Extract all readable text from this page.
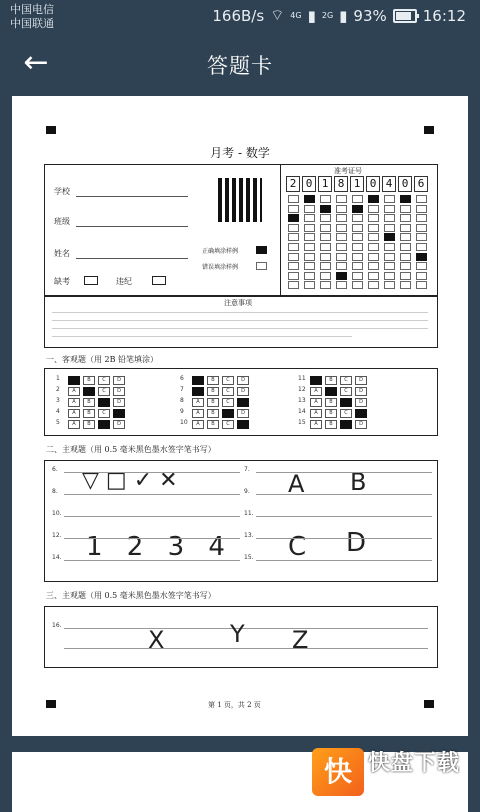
中国电信
中国联通	166B/s ⌔ 4G ▮ 2G ▮ 93% 16:12
←	答题卡
月考 - 数学
学校
班级
姓名
缺考	违纪
正确填涂样例
错误填涂样例
准考证号
注意事项
一、客观题（用 2B 铅笔填涂）
二、主观题（用 0.5 毫米黑色墨水签字笔书写）
▽ □ ✓ ✕	A B
1 2 3 4 C D
三、主观题（用 0.5 毫米黑色墨水签字笔书写）
16.
X	Y Z
第 1 页，共 2 页
2 0 1 8 1 0 4 0 6
1	B	C	D
2	A	C	D
3	A	B	D
4	A	B	C
5	A	B	D
6	B	C	D
7	B	C	D
8	A	B	C
9	A	B	D
10	A	B	C
11	B	C	D
12	A	C	D
13	A	B	D
14	A	B	C
15	A	B	D
6.	7.
8.	9.
10.	11.
12.	13.
14.	15.
快 快盘下载
绿色 · 安全 · 高速
